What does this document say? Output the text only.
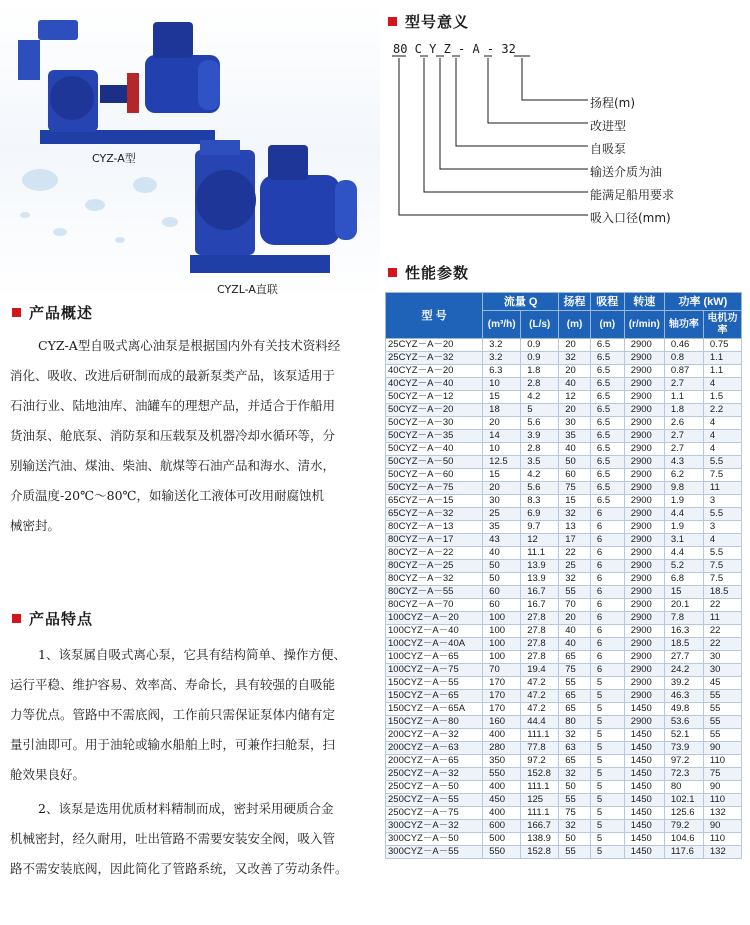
CYZ-A型
CYZL-A直联
型号意义
80 C Y Z - A - 32
扬程(m)
改进型
自吸泵
输送介质为油
能满足船用要求
吸入口径(mm)
性能参数
产品概述
CYZ-A型自吸式离心油泵是根据国内外有关技术资料经
消化、吸收、改进后研制而成的最新泵类产品，该泵适用于
石油行业、陆地油库、油罐车的理想产品，并适合于作船用
货油泵、舱底泵、消防泵和压载泵及机器冷却水循环等，分
别输送汽油、煤油、柴油、航煤等石油产品和海水、清水，
介质温度-20℃～80℃，如输送化工液体可改用耐腐蚀机
械密封。
产品特点
1、该泵属自吸式离心泵，它具有结构简单、操作方便、
运行平稳、维护容易、效率高、寿命长，具有较强的自吸能
力等优点。管路中不需底阀，工作前只需保证泵体内储有定
量引油即可。用于油轮或输水船舶上时，可兼作扫舱泵，扫
舱效果良好。
2、该泵是选用优质材料精制而成，密封采用硬质合金
机械密封，经久耐用，吐出管路不需要安装安全阀，吸入管
路不需安装底阀，因此简化了管路系统，又改善了劳动条件。
型 号	流量 Q		扬程	吸程	转速	功率 (kW)	
	(m³/h)	(L/s)	(m)	(m)	(r/min)	轴功率	电机功率
25CYZ－A－20	3.2	0.9	20	6.5	2900	0.46	0.75
25CYZ－A－32	3.2	0.9	32	6.5	2900	0.8	1.1
40CYZ－A－20	6.3	1.8	20	6.5	2900	0.87	1.1
40CYZ－A－40	10	2.8	40	6.5	2900	2.7	4
50CYZ－A－12	15	4.2	12	6.5	2900	1.1	1.5
50CYZ－A－20	18	5	20	6.5	2900	1.8	2.2
50CYZ－A－30	20	5.6	30	6.5	2900	2.6	4
50CYZ－A－35	14	3.9	35	6.5	2900	2.7	4
50CYZ－A－40	10	2.8	40	6.5	2900	2.7	4
50CYZ－A－50	12.5	3.5	50	6.5	2900	4.3	5.5
50CYZ－A－60	15	4.2	60	6.5	2900	6.2	7.5
50CYZ－A－75	20	5.6	75	6.5	2900	9.8	11
65CYZ－A－15	30	8.3	15	6.5	2900	1.9	3
65CYZ－A－32	25	6.9	32	6	2900	4.4	5.5
80CYZ－A－13	35	9.7	13	6	2900	1.9	3
80CYZ－A－17	43	12	17	6	2900	3.1	4
80CYZ－A－22	40	11.1	22	6	2900	4.4	5.5
80CYZ－A－25	50	13.9	25	6	2900	5.2	7.5
80CYZ－A－32	50	13.9	32	6	2900	6.8	7.5
80CYZ－A－55	60	16.7	55	6	2900	15	18.5
80CYZ－A－70	60	16.7	70	6	2900	20.1	22
100CYZ－A－20	100	27.8	20	6	2900	7.8	11
100CYZ－A－40	100	27.8	40	6	2900	16.3	22
100CYZ－A－40A	100	27.8	40	6	2900	18.5	22
100CYZ－A－65	100	27.8	65	6	2900	27.7	30
100CYZ－A－75	70	19.4	75	6	2900	24.2	30
150CYZ－A－55	170	47.2	55	5	2900	39.2	45
150CYZ－A－65	170	47.2	65	5	2900	46.3	55
150CYZ－A－65A	170	47.2	65	5	1450	49.8	55
150CYZ－A－80	160	44.4	80	5	2900	53.6	55
200CYZ－A－32	400	111.1	32	5	1450	52.1	55
200CYZ－A－63	280	77.8	63	5	1450	73.9	90
200CYZ－A－65	350	97.2	65	5	1450	97.2	110
250CYZ－A－32	550	152.8	32	5	1450	72.3	75
250CYZ－A－50	400	111.1	50	5	1450	80	90
250CYZ－A－55	450	125	55	5	1450	102.1	110
250CYZ－A－75	400	111.1	75	5	1450	125.6	132
300CYZ－A－32	600	166.7	32	5	1450	79.2	90
300CYZ－A－50	500	138.9	50	5	1450	104.6	110
300CYZ－A－55	550	152.8	55	5	1450	117.6	132
